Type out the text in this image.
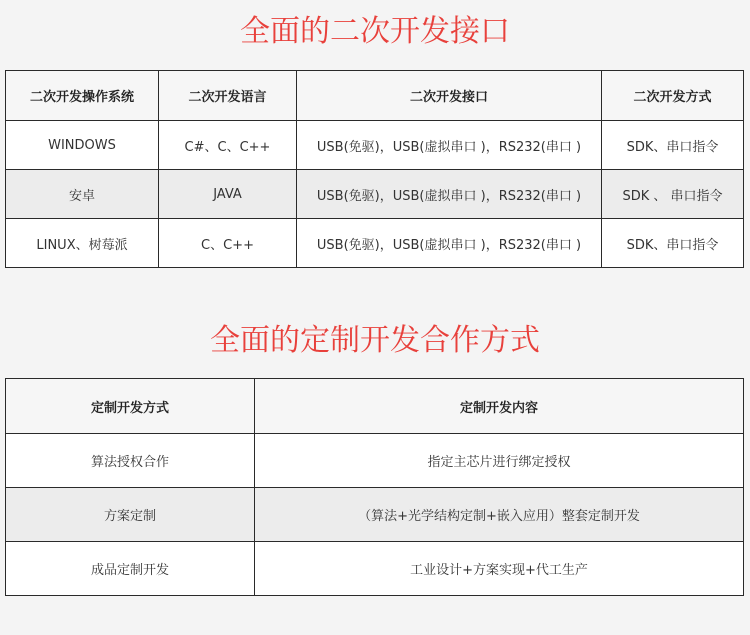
全面的二次开发接口
二次开发操作系统	二次开发语言	二次开发接口	二次开发方式
WINDOWS	C#、C、C++	USB(免驱)，USB(虚拟串口 )，RS232(串口 )	SDK、串口指令
安卓	JAVA	USB(免驱)，USB(虚拟串口 )，RS232(串口 )	SDK 、 串口指令
LINUX、树莓派	C、C++	USB(免驱)，USB(虚拟串口 )，RS232(串口 )	SDK、串口指令
全面的定制开发合作方式
定制开发方式	定制开发内容
算法授权合作	指定主芯片进行绑定授权
方案定制	（算法+光学结构定制+嵌入应用）整套定制开发
成品定制开发	工业设计+方案实现+代工生产
